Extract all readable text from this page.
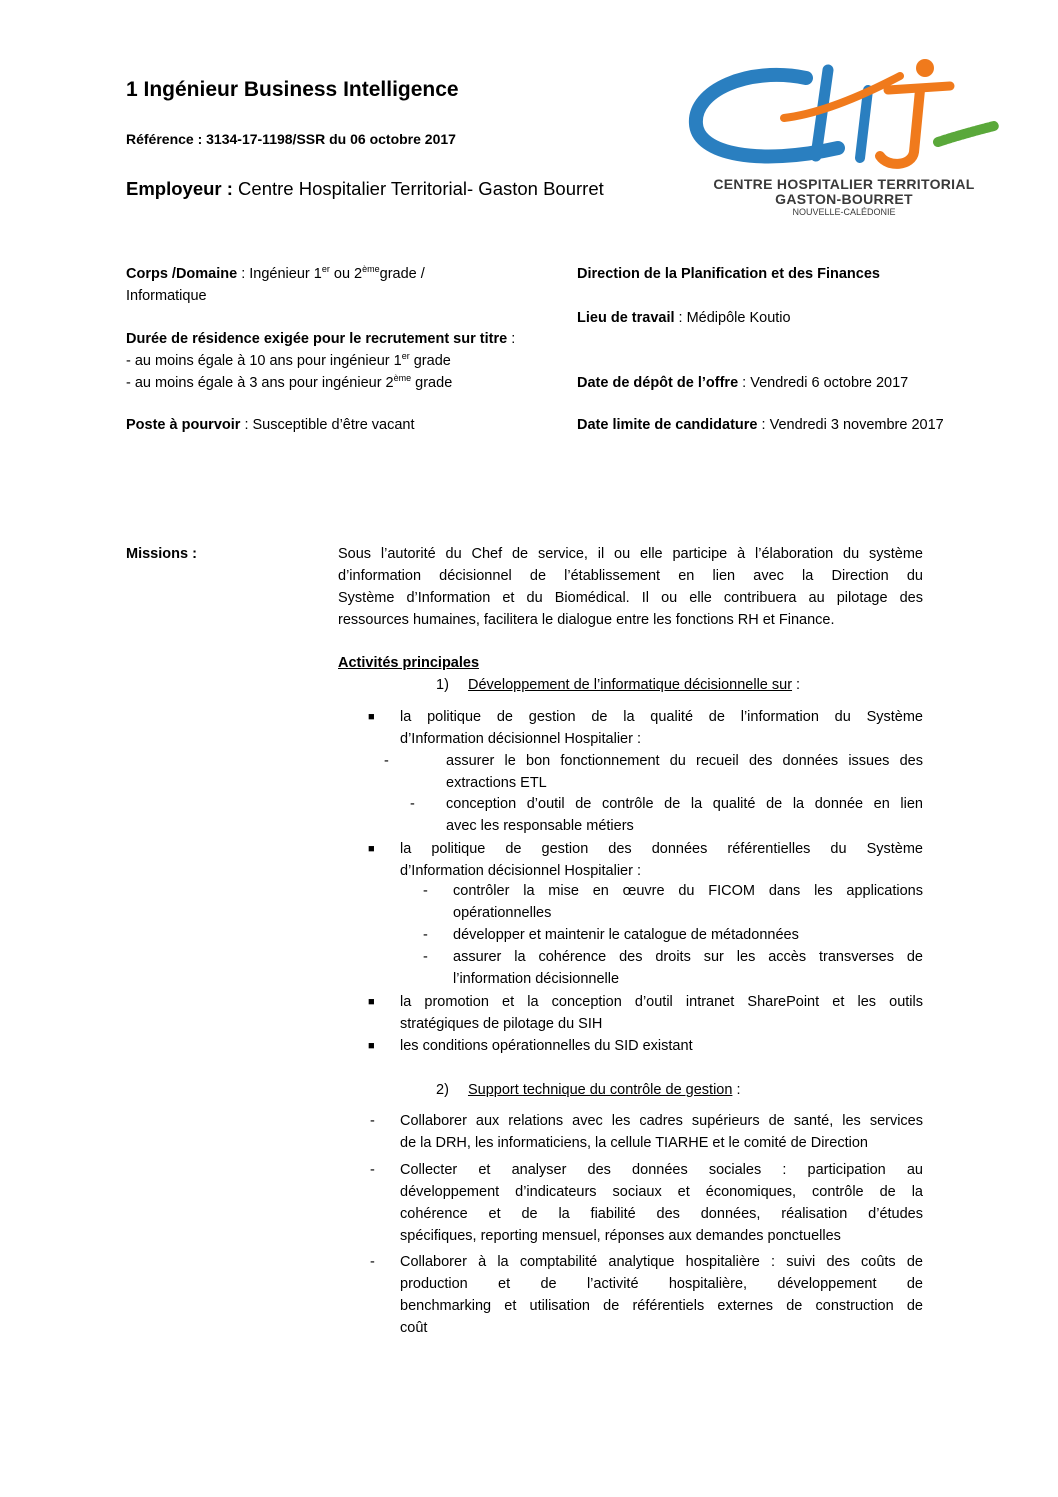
1 Ingénieur Business Intelligence
Référence : 3134-17-1198/SSR du 06 octobre 2017
Employeur : Centre Hospitalier Territorial- Gaston Bourret	CENTRE HOSPITALIER TERRITORIAL
GASTON-BOURRET
NOUVELLE-CALÉDONIE
Corps /Domaine : Ingénieur 1er ou 2èmegrade /
Informatique
Durée de résidence exigée pour le recrutement sur titre :
- au moins égale à 10 ans pour ingénieur 1er grade
- au moins égale à 3 ans pour ingénieur 2ème grade
Poste à pourvoir : Susceptible d’être vacant
Direction de la Planification et des Finances
Lieu de travail : Médipôle Koutio
Date de dépôt de l’offre : Vendredi 6 octobre 2017
Date limite de candidature : Vendredi 3 novembre 2017
Missions :	Sous l’autorité du Chef de service, il ou elle participe à l’élaboration du système
d’information décisionnel de l’établissement en lien avec la Direction du
Système d’Information et du Biomédical. Il ou elle contribuera au pilotage des
ressources humaines, facilitera le dialogue entre les fonctions RH et Finance.
Activités principales
1) Développement de l’informatique décisionnelle sur :
■ la politique de gestion de la qualité de l’information du Système
d’Information décisionnel Hospitalier :
-	assurer le bon fonctionnement du recueil des données issues des
extractions ETL
- conception d’outil de contrôle de la qualité de la donnée en lien
avec les responsable métiers
■ la politique de gestion des données référentielles du Système
d’Information décisionnel Hospitalier :
- contrôler la mise en œuvre du FICOM dans les applications
opérationnelles
- développer et maintenir le catalogue de métadonnées
- assurer la cohérence des droits sur les accès transverses de
l’information décisionnelle
■ la promotion et la conception d’outil intranet SharePoint et les outils
stratégiques de pilotage du SIH
■ les conditions opérationnelles du SID existant
2) Support technique du contrôle de gestion :
- Collaborer aux relations avec les cadres supérieurs de santé, les services
de la DRH, les informaticiens, la cellule TIARHE et le comité de Direction
- Collecter et analyser des données sociales : participation au
développement d’indicateurs sociaux et économiques, contrôle de la
cohérence et de la fiabilité des données, réalisation d’études
spécifiques, reporting mensuel, réponses aux demandes ponctuelles
- Collaborer à la comptabilité analytique hospitalière : suivi des coûts de
production et de l’activité hospitalière, développement de
benchmarking et utilisation de référentiels externes de construction de
coût
